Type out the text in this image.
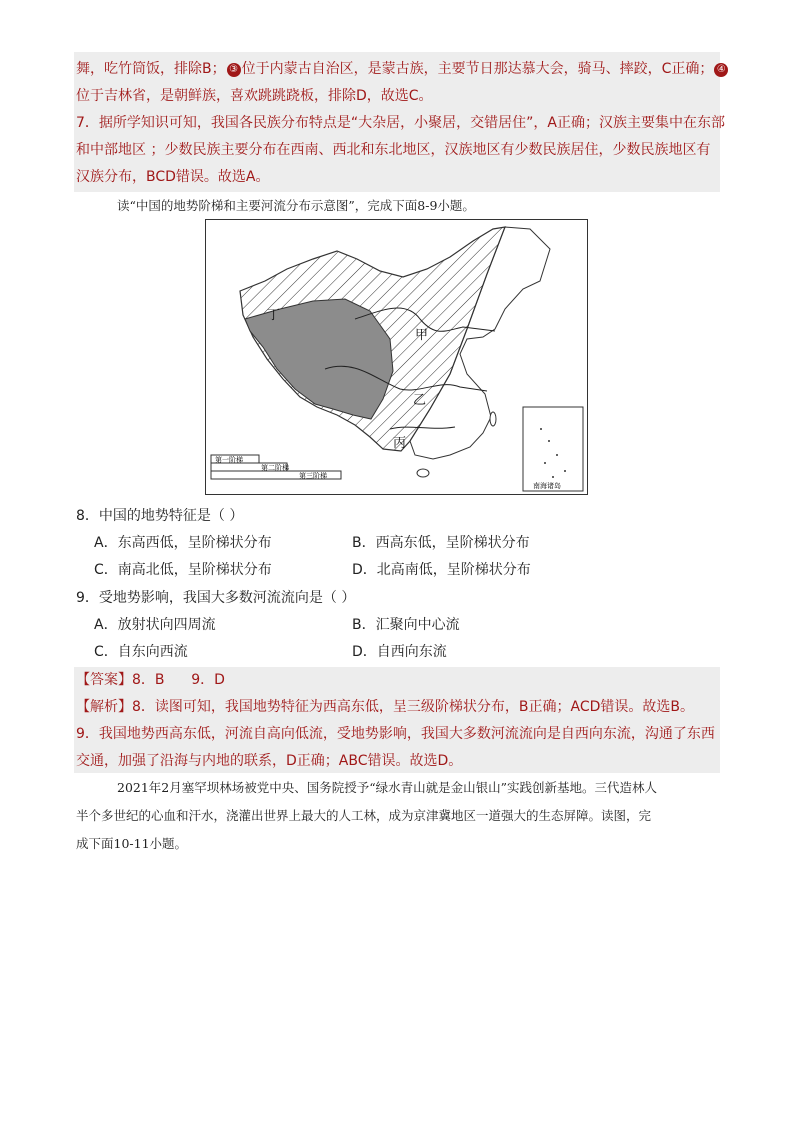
舞，吃竹筒饭，排除B； ③ 位于内蒙古自治区，是蒙古族，主要节日那达慕大会，骑马、摔跤，C正确； ④
位于吉林省，是朝鲜族，喜欢跳跳跷板，排除D，故选C。
7．据所学知识可知，我国各民族分布特点是“大杂居，小聚居，交错居住”，A正确；汉族主要集中在东部
和中部地区 ；少数民族主要分布在西南、西北和东北地区，汉族地区有少数民族居住，少数民族地区有
汉族分布，BCD错误。故选A。
读“中国的地势阶梯和主要河流分布示意图”，完成下面8-9小题。
丁
甲
乙
丙
第一阶梯
第二阶梯
第三阶梯
南海诸岛
8．中国的地势特征是（ ）
A．东高西低，呈阶梯状分布	B．西高东低，呈阶梯状分布
C．南高北低，呈阶梯状分布	D．北高南低，呈阶梯状分布
9．受地势影响，我国大多数河流流向是（ ）
A．放射状向四周流	B．汇聚向中心流
C．自东向西流	D．自西向东流
【答案】8．B      9．D
【解析】8．读图可知，我国地势特征为西高东低，呈三级阶梯状分布，B正确；ACD错误。故选B。
9．我国地势西高东低，河流自高向低流，受地势影响，我国大多数河流流向是自西向东流，沟通了东西
交通，加强了沿海与内地的联系，D正确；ABC错误。故选D。
2021年2月塞罕坝林场被党中央、国务院授予“绿水青山就是金山银山”实践创新基地。三代造林人
半个多世纪的心血和汗水，浇灌出世界上最大的人工林，成为京津冀地区一道强大的生态屏障。读图，完
成下面10-11小题。
